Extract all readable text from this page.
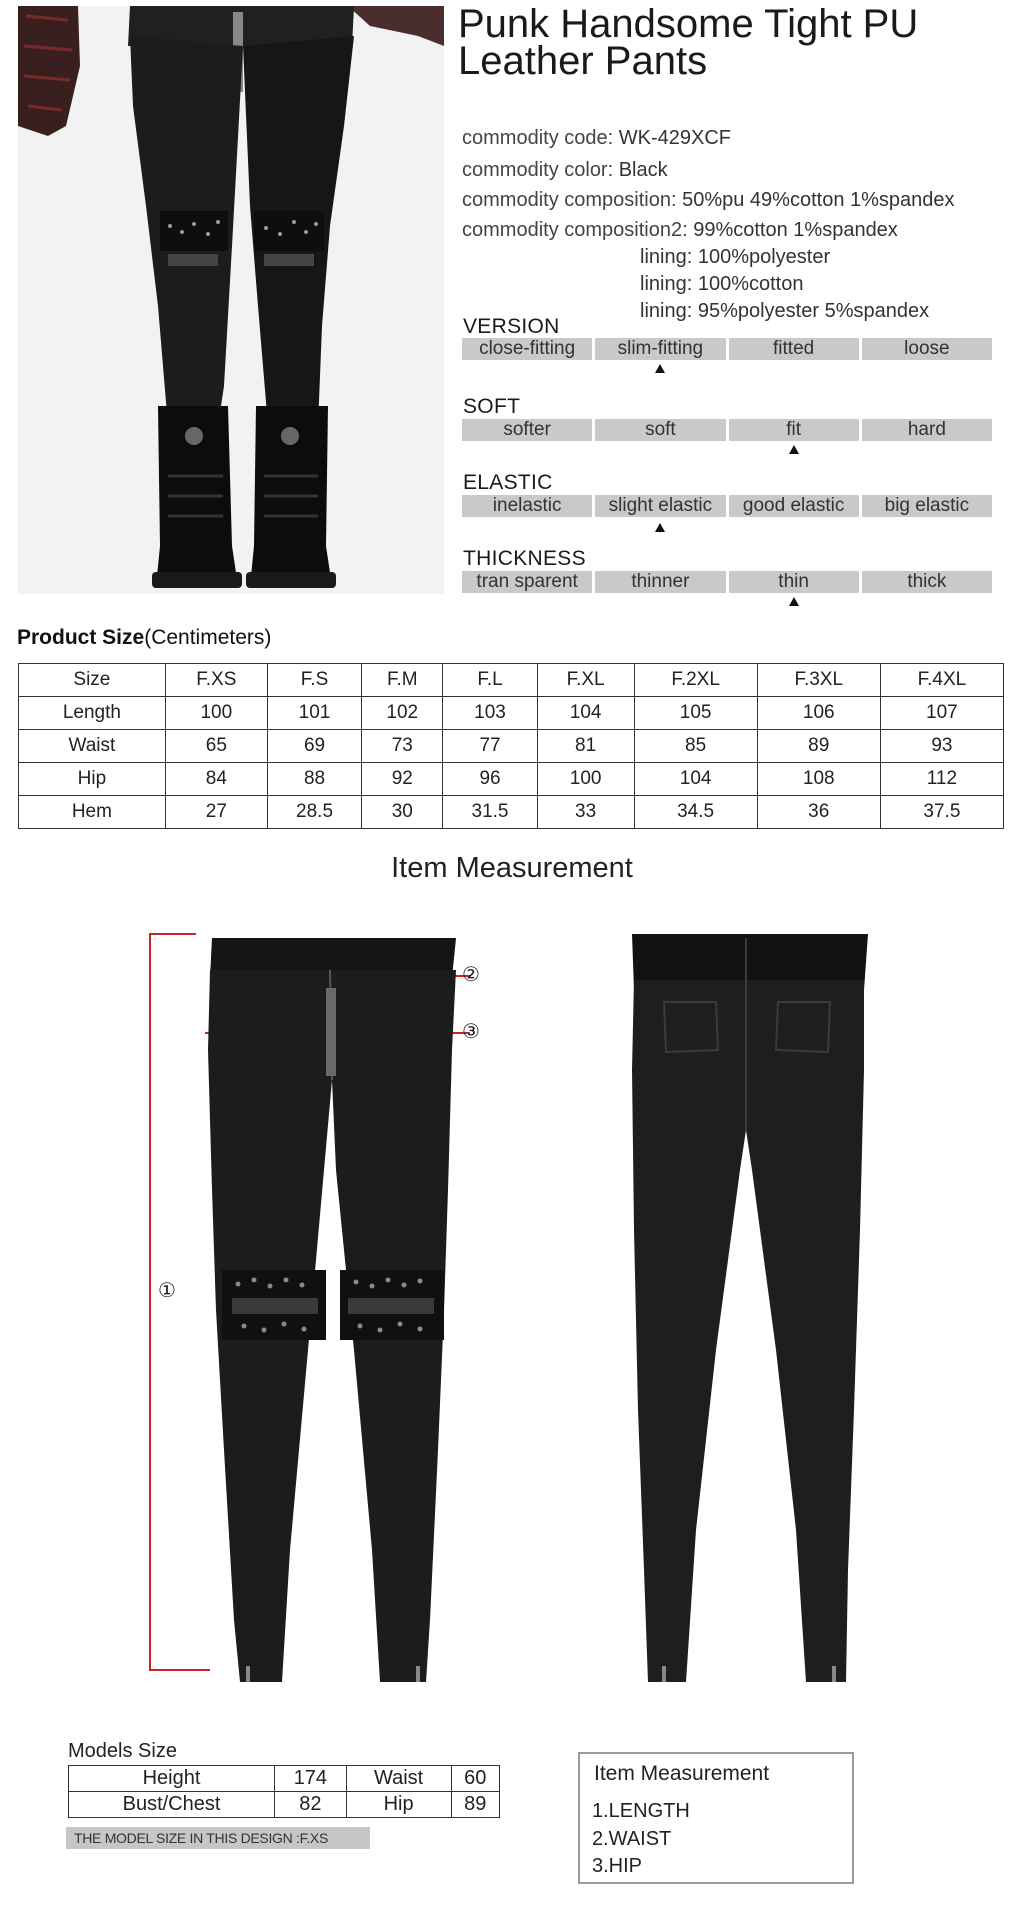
Punk Handsome Tight PU
Leather Pants
commodity code: WK-429XCF
commodity color: Black
commodity composition: 50%pu 49%cotton 1%spandex
commodity composition2: 99%cotton 1%spandex
lining: 100%polyester
lining: 100%cotton
lining: 95%polyester 5%spandex
VERSION
close-fitting	slim-fitting	fitted	loose
SOFT
softer	soft	fit	hard
ELASTIC
inelastic	slight elastic	good elastic	big elastic
THICKNESS
tran sparent	thinner	thin	thick
Product Size(Centimeters)
Size	F.XS	F.S	F.M	F.L	F.XL	F.2XL	F.3XL	F.4XL
Length	100	101	102	103	104	105	106	107
Waist	65	69	73	77	81	85	89	93
Hip	84	88	92	96	100	104	108	112
Hem	27	28.5	30	31.5	33	34.5	36	37.5
Item Measurement
①
②
③
Models Size
Height	174	Waist	60
Bust/Chest	82	Hip	89
THE MODEL SIZE IN THIS DESIGN :F.XS
Item Measurement
1.LENGTH
2.WAIST
3.HIP
